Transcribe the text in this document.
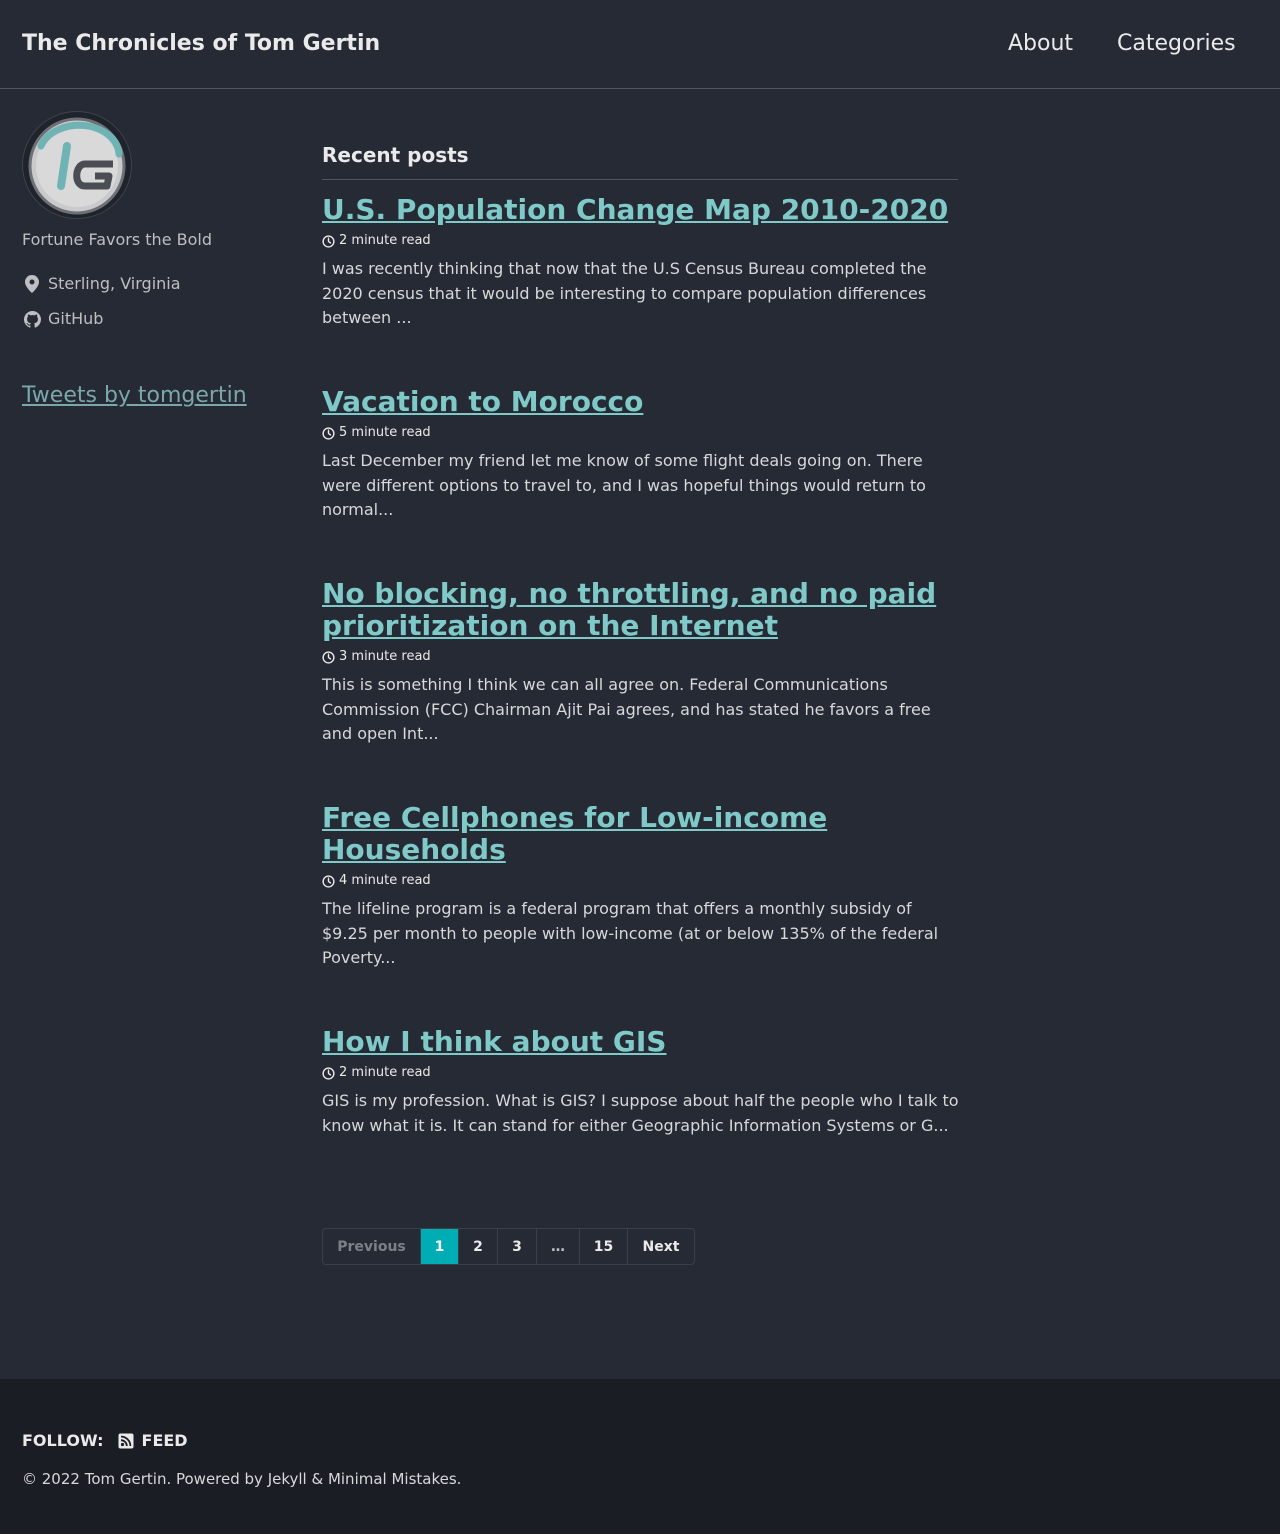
The Chronicles of Tom Gertin	About Categories
Fortune Favors the Bold
Sterling, Virginia
GitHub
Tweets by tomgertin
Recent posts
U.S. Population Change Map 2010-2020
2 minute read

I was recently thinking that now that the U.S Census Bureau completed the 2020 census that it would be interesting to compare population differences between ...

Vacation to Morocco
5 minute read

Last December my friend let me know of some flight deals going on. There were different options to travel to, and I was hopeful things would return to normal...

No blocking, no throttling, and no paid prioritization on the Internet
3 minute read

This is something I think we can all agree on. Federal Communications Commission (FCC) Chairman Ajit Pai agrees, and has stated he favors a free and open Int...

Free Cellphones for Low-income Households
4 minute read

The lifeline program is a federal program that offers a monthly subsidy of $9.25 per month to people with low-income (at or below 135% of the federal Poverty...

How I think about GIS
2 minute read

GIS is my profession. What is GIS? I suppose about half the people who I talk to know what it is. It can stand for either Geographic Information Systems or G...

Previous	1	2	3	…	15	Next
FOLLOW: FEED
© 2022 Tom Gertin. Powered by Jekyll & Minimal Mistakes.
